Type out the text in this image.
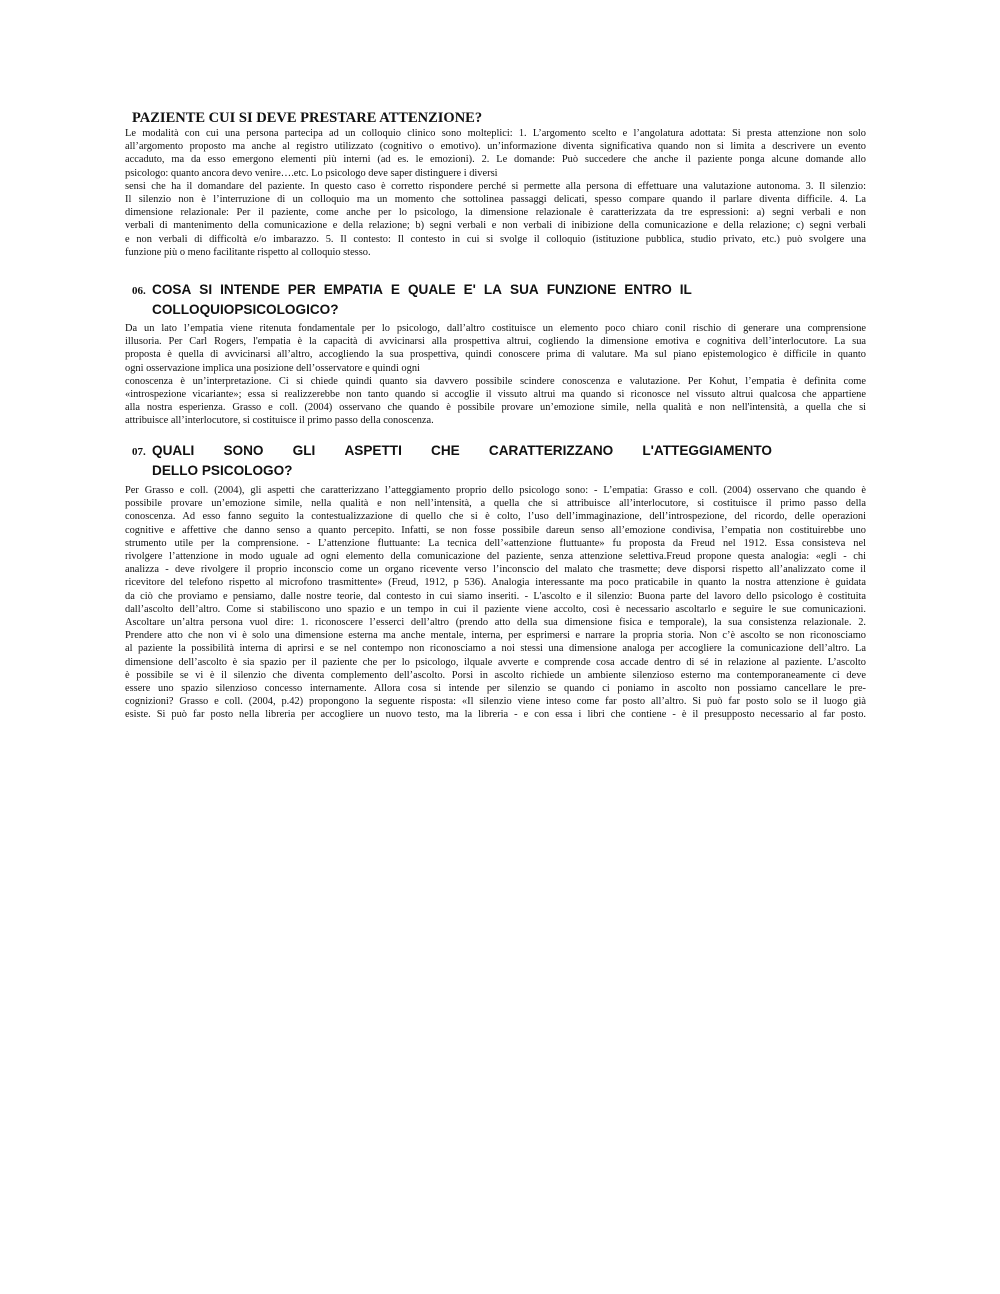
PAZIENTE CUI SI DEVE PRESTARE ATTENZIONE?
Le modalità con cui una persona partecipa ad un colloquio clinico sono molteplici: 1. L’argomento scelto e l’angolatura adottata: Si presta attenzione non solo
all’argomento proposto ma anche al registro utilizzato (cognitivo o emotivo). un’informazione diventa significativa quando non si limita a descrivere un evento
accaduto, ma da esso emergono elementi più interni (ad es. le emozioni). 2. Le domande: Può succedere che anche il paziente ponga alcune domande allo
psicologo: quanto ancora devo venire….etc. Lo psicologo deve saper distinguere i diversi
sensi che ha il domandare del paziente. In questo caso è corretto rispondere perché si permette alla persona di effettuare una valutazione autonoma. 3. Il silenzio:
Il silenzio non è l’interruzione di un colloquio ma un momento che sottolinea passaggi delicati, spesso compare quando il parlare diventa difficile. 4. La
dimensione relazionale: Per il paziente, come anche per lo psicologo, la dimensione relazionale è caratterizzata da tre espressioni: a) segni verbali e non
verbali di mantenimento della comunicazione e della relazione; b) segni verbali e non verbali di inibizione della comunicazione e della relazione; c) segni verbali
e non verbali di difficoltà e/o imbarazzo. 5. Il contesto: Il contesto in cui si svolge il colloquio (istituzione pubblica, studio privato, etc.) può svolgere una
funzione più o meno facilitante rispetto al colloquio stesso.
06. COSA SI INTENDE PER EMPATIA E QUALE E' LA SUA FUNZIONE ENTRO IL
COLLOQUIOPSICOLOGICO?
Da un lato l’empatia viene ritenuta fondamentale per lo psicologo, dall’altro costituisce un elemento poco chiaro conil rischio di generare una comprensione
illusoria. Per Carl Rogers, l'empatia è la capacità di avvicinarsi alla prospettiva altrui, cogliendo la dimensione emotiva e cognitiva dell’interlocutore. La sua
proposta è quella di avvicinarsi all’altro, accogliendo la sua prospettiva, quindi conoscere prima di valutare. Ma sul piano epistemologico è difficile in quanto
ogni osservazione implica una posizione dell’osservatore e quindi ogni
conoscenza è un’interpretazione. Ci si chiede quindi quanto sia davvero possibile scindere conoscenza e valutazione. Per Kohut, l’empatia è definita come
«introspezione vicariante»; essa si realizzerebbe non tanto quando si accoglie il vissuto altrui ma quando si riconosce nel vissuto altrui qualcosa che appartiene
alla nostra esperienza. Grasso e coll. (2004) osservano che quando è possibile provare un’emozione simile, nella qualità e non nell'intensità, a quella che si
attribuisce all’interlocutore, si costituisce il primo passo della conoscenza.
07. QUALI SONO GLI ASPETTI CHE CARATTERIZZANO L'ATTEGGIAMENTO
DELLO PSICOLOGO?
Per Grasso e coll. (2004), gli aspetti che caratterizzano l’atteggiamento proprio dello psicologo sono: - L’empatia: Grasso e coll. (2004) osservano che quando è
possibile provare un’emozione simile, nella qualità e non nell’intensità, a quella che si attribuisce all’interlocutore, si costituisce il primo passo della
conoscenza. Ad esso fanno seguito la contestualizzazione di quello che si è colto, l’uso dell’immaginazione, dell’introspezione, del ricordo, delle operazioni
cognitive e affettive che danno senso a quanto percepito. Infatti, se non fosse possibile dareun senso all’emozione condivisa, l’empatia non costituirebbe uno
strumento utile per la comprensione. - L’attenzione fluttuante: La tecnica dell’«attenzione fluttuante» fu proposta da Freud nel 1912. Essa consisteva nel
rivolgere l’attenzione in modo uguale ad ogni elemento della comunicazione del paziente, senza attenzione selettiva.Freud propone questa analogia: «egli - chi
analizza - deve rivolgere il proprio inconscio come un organo ricevente verso l’inconscio del malato che trasmette; deve disporsi rispetto all’analizzato come il
ricevitore del telefono rispetto al microfono trasmittente» (Freud, 1912, p 536). Analogia interessante ma poco praticabile in quanto la nostra attenzione è guidata
da ciò che proviamo e pensiamo, dalle nostre teorie, dal contesto in cui siamo inseriti. - L'ascolto e il silenzio: Buona parte del lavoro dello psicologo è costituita
dall’ascolto dell’altro. Come si stabiliscono uno spazio e un tempo in cui il paziente viene accolto, così è necessario ascoltarlo e seguire le sue comunicazioni.
Ascoltare un’altra persona vuol dire: 1. riconoscere l’esserci dell’altro (prendo atto della sua dimensione fisica e temporale), la sua consistenza relazionale. 2.
Prendere atto che non vi è solo una dimensione esterna ma anche mentale, interna, per esprimersi e narrare la propria storia. Non c’è ascolto se non riconosciamo
al paziente la possibilità interna di aprirsi e se nel contempo non riconosciamo a noi stessi una dimensione analoga per accogliere la comunicazione dell’altro. La
dimensione dell’ascolto è sia spazio per il paziente che per lo psicologo, ilquale avverte e comprende cosa accade dentro di sé in relazione al paziente. L’ascolto
è possibile se vi è il silenzio che diventa complemento dell’ascolto. Porsi in ascolto richiede un ambiente silenzioso esterno ma contemporaneamente ci deve
essere uno spazio silenzioso concesso internamente. Allora cosa si intende per silenzio se quando ci poniamo in ascolto non possiamo cancellare le pre-
cognizioni? Grasso e coll. (2004, p.42) propongono la seguente risposta: «Il silenzio viene inteso come far posto all’altro. Si può far posto solo se il luogo già
esiste. Si può far posto nella libreria per accogliere un nuovo testo, ma la libreria - e con essa i libri che contiene - è il presupposto necessario al far posto.
